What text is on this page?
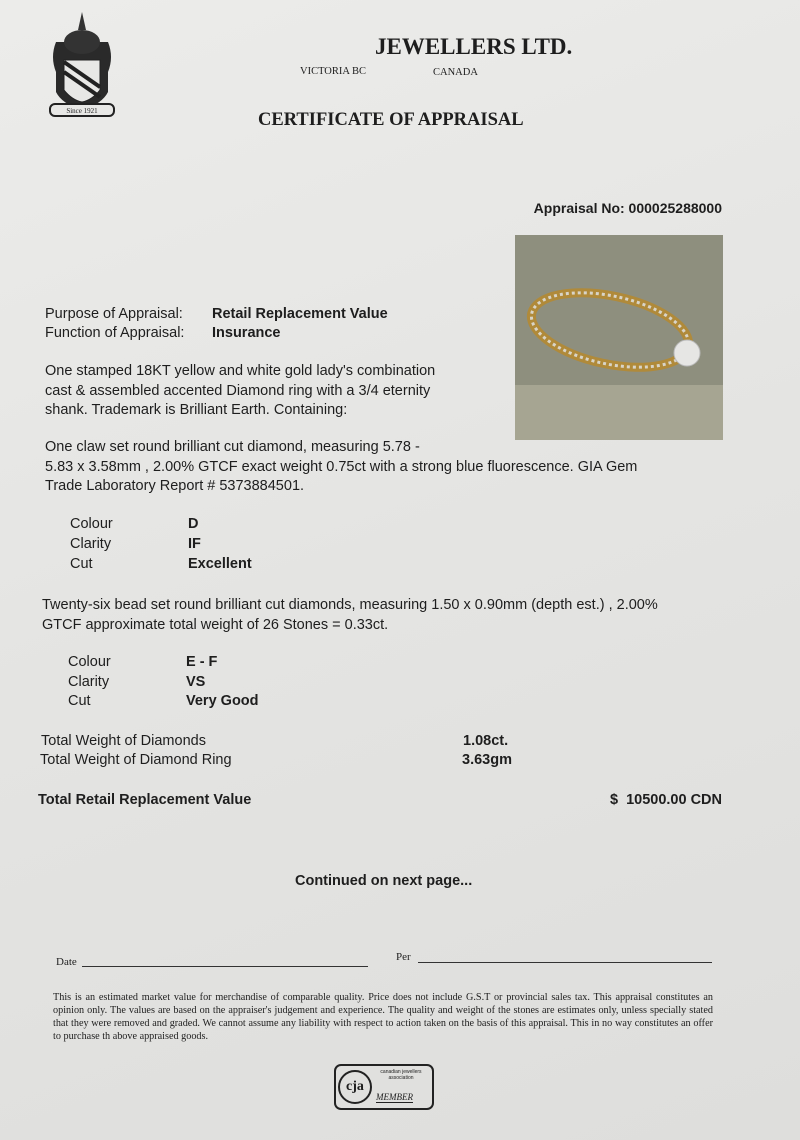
Since 1921
JEWELLERS LTD.
VICTORIA BC	CANADA
CERTIFICATE OF APPRAISAL
Appraisal No: 000025288000
Purpose of Appraisal: Retail Replacement Value
Function of Appraisal: Insurance
One stamped 18KT yellow and white gold lady's combination
cast & assembled accented Diamond ring with a 3/4 eternity
shank. Trademark is Brilliant Earth. Containing:
One claw set round brilliant cut diamond, measuring 5.78 -
5.83 x 3.58mm , 2.00% GTCF exact weight 0.75ct with a strong blue fluorescence. GIA Gem
Trade Laboratory Report # 5373884501.
Colour	D
Clarity	IF
Cut	Excellent
Twenty-six bead set round brilliant cut diamonds, measuring 1.50 x 0.90mm (depth est.) , 2.00%
GTCF approximate total weight of 26 Stones = 0.33ct.
Colour	E - F
Clarity	VS
Cut	Very Good
Total Weight of Diamonds	1.08ct.
Total Weight of Diamond Ring	3.63gm
Total Retail Replacement Value	$  10500.00 CDN
Continued on next page...
Date	Per
This is an estimated market value for merchandise of comparable quality. Price does not include G.S.T or provincial sales tax. This appraisal constitutes an opinion only. The values are based on the appraiser's judgement and experience. The quality and weight of the stones are estimates only, unless specially stated that they were removed and graded. We cannot assume any liability with respect to action taken on the basis of this appraisal. This in no way constitutes an offer to purchase th above appraised goods.
cja
canadian jewellers association
MEMBER
